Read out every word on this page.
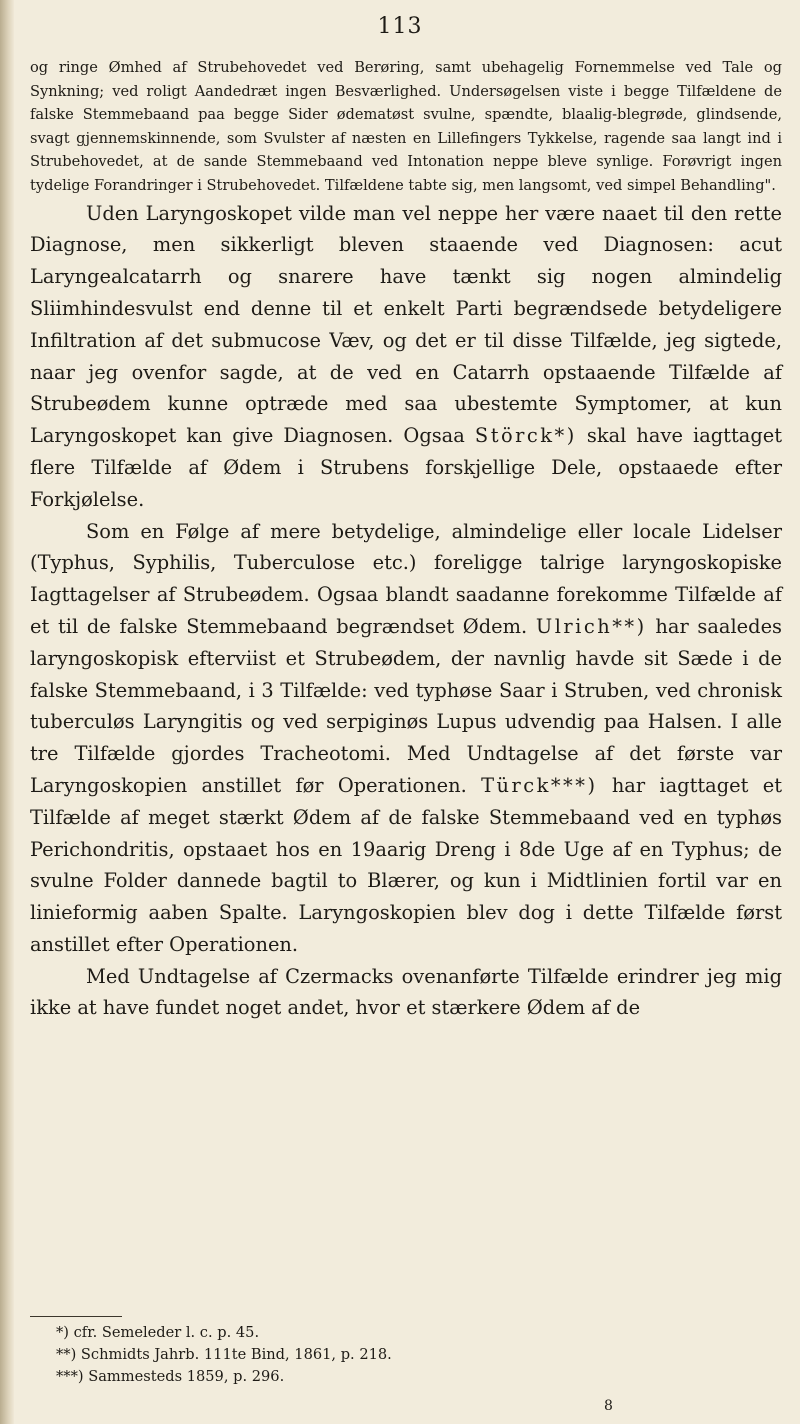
113

og ringe Ømhed af Strubehovedet ved Berøring, samt ubehagelig Fornemmelse ved Tale og Synkning; ved roligt Aandedræt ingen Besværlighed. Undersøgelsen viste i begge Tilfældene de falske Stemmebaand paa begge Sider ødematøst svulne, spændte, blaalig-blegrøde, glindsende, svagt gjennemskinnende, som Svulster af næsten en Lillefingers Tykkelse, ragende saa langt ind i Strubehovedet, at de sande Stemmebaand ved Intonation neppe bleve synlige. Forøvrigt ingen tydelige Forandringer i Strubehovedet. Tilfældene tabte sig, men langsomt, ved simpel Behandling".

Uden Laryngoskopet vilde man vel neppe her være naaet til den rette Diagnose, men sikkerligt bleven staaende ved Diagnosen: acut Laryngealcatarrh og snarere have tænkt sig nogen almindelig Sliimhindesvulst end denne til et enkelt Parti begrændsede betydeligere Infiltration af det submucose Væv, og det er til disse Tilfælde, jeg sigtede, naar jeg ovenfor sagde, at de ved en Catarrh opstaaende Tilfælde af Strubeødem kunne optræde med saa ubestemte Symptomer, at kun Laryngoskopet kan give Diagnosen. Ogsaa Störck*) skal have iagttaget flere Tilfælde af Ødem i Strubens forskjellige Dele, opstaaede efter Forkjølelse.

Som en Følge af mere betydelige, almindelige eller locale Lidelser (Typhus, Syphilis, Tuberculose etc.) foreligge talrige laryngoskopiske Iagttagelser af Strubeødem. Ogsaa blandt saadanne forekomme Tilfælde af et til de falske Stemmebaand begrændset Ødem. Ulrich**) har saaledes laryngoskopisk efterviist et Strubeødem, der navnlig havde sit Sæde i de falske Stemmebaand, i 3 Tilfælde: ved typhøse Saar i Struben, ved chronisk tuberculøs Laryngitis og ved serpiginøs Lupus udvendig paa Halsen. I alle tre Tilfælde gjordes Tracheotomi. Med Undtagelse af det første var Laryngoskopien anstillet før Operationen. Türck***) har iagttaget et Tilfælde af meget stærkt Ødem af de falske Stemmebaand ved en typhøs Perichondritis, opstaaet hos en 19aarig Dreng i 8de Uge af en Typhus; de svulne Folder dannede bagtil to Blærer, og kun i Midtlinien fortil var en linieformig aaben Spalte. Laryngoskopien blev dog i dette Tilfælde først anstillet efter Operationen.

Med Undtagelse af Czermacks ovenanførte Tilfælde erindrer jeg mig ikke at have fundet noget andet, hvor et stærkere Ødem af de

*) cfr. Semeleder l. c. p. 45.

**) Schmidts Jahrb. 111te Bind, 1861, p. 218.

***) Sammesteds 1859, p. 296.

8
